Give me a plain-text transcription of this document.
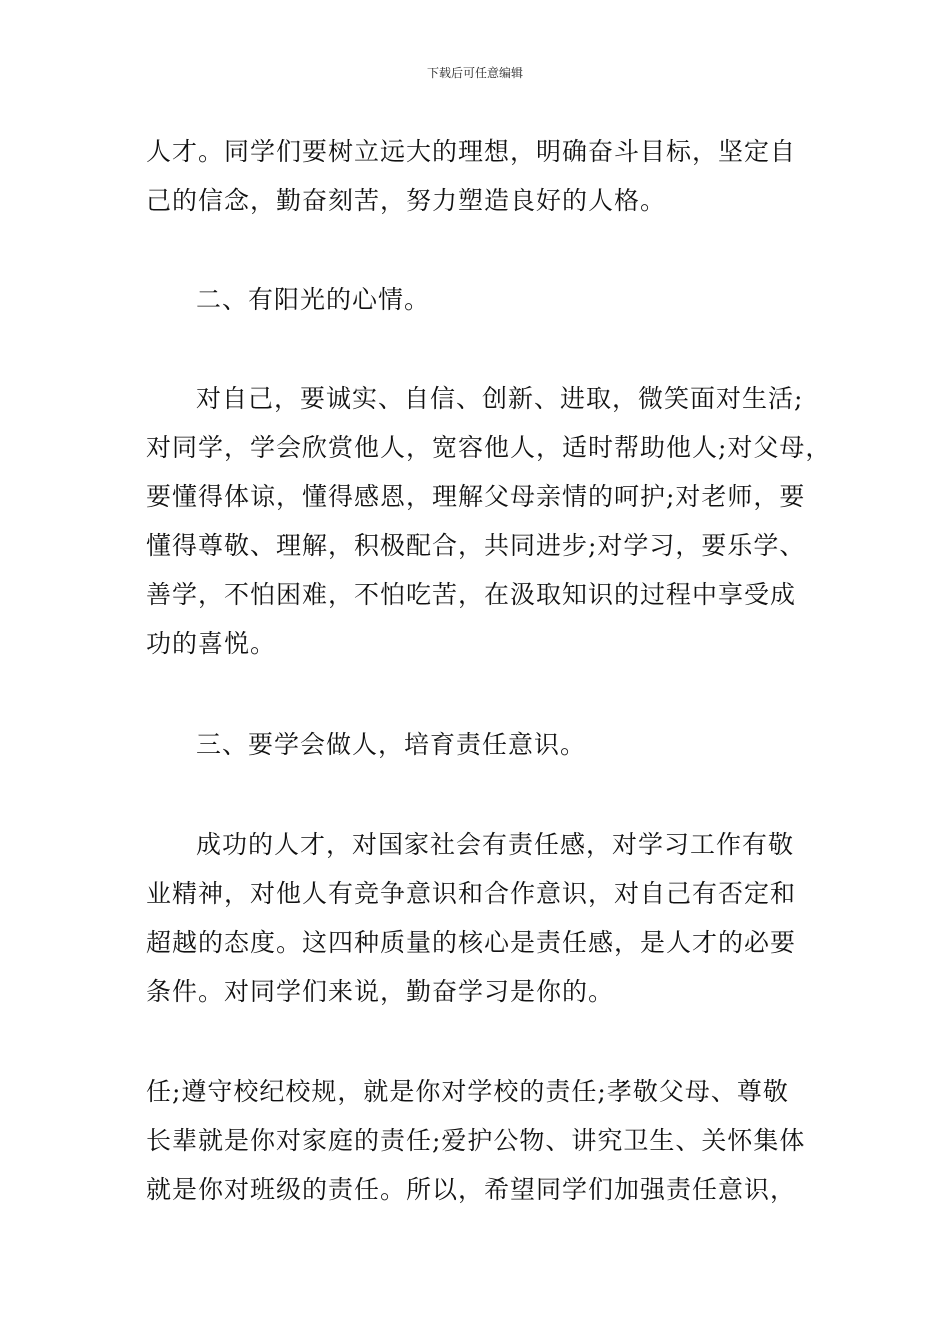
下载后可任意编辑
人才。同学们要树立远大的理想，明确奋斗目标，坚定自
己的信念，勤奋刻苦，努力塑造良好的人格。
二、有阳光的心情。
对自己，要诚实、自信、创新、进取，微笑面对生活;
对同学，学会欣赏他人，宽容他人，适时帮助他人;对父母，
要懂得体谅，懂得感恩，理解父母亲情的呵护;对老师，要
懂得尊敬、理解，积极配合，共同进步;对学习，要乐学、
善学，不怕困难，不怕吃苦，在汲取知识的过程中享受成
功的喜悦。
三、要学会做人，培育责任意识。
成功的人才，对国家社会有责任感，对学习工作有敬
业精神，对他人有竞争意识和合作意识，对自己有否定和
超越的态度。这四种质量的核心是责任感，是人才的必要
条件。对同学们来说，勤奋学习是你的。
任;遵守校纪校规，就是你对学校的责任;孝敬父母、尊敬
长辈就是你对家庭的责任;爱护公物、讲究卫生、关怀集体
就是你对班级的责任。所以，希望同学们加强责任意识，
